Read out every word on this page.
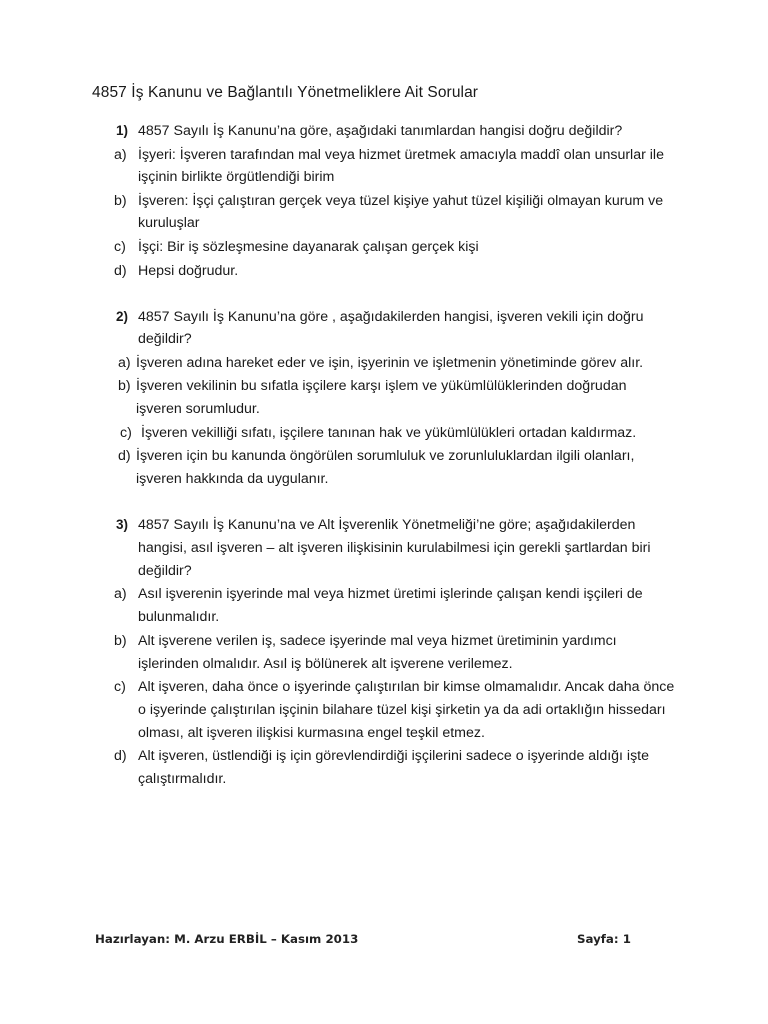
4857 İş Kanunu ve Bağlantılı Yönetmeliklere Ait Sorular
1) 4857 Sayılı İş Kanunu’na göre, aşağıdaki tanımlardan hangisi doğru değildir?
a) İşyeri: İşveren tarafından mal veya hizmet üretmek amacıyla maddî olan unsurlar ile
işçinin birlikte örgütlendiği birim
b) İşveren: İşçi çalıştıran gerçek veya tüzel kişiye yahut tüzel kişiliği olmayan kurum ve
kuruluşlar
c) İşçi: Bir iş sözleşmesine dayanarak çalışan gerçek kişi
d) Hepsi doğrudur.
2) 4857 Sayılı İş Kanunu’na göre , aşağıdakilerden hangisi, işveren vekili için doğru
değildir?
a) İşveren adına hareket eder ve işin, işyerinin ve işletmenin yönetiminde görev alır.
b) İşveren vekilinin bu sıfatla işçilere karşı işlem ve yükümlülüklerinden doğrudan
işveren sorumludur.
c) İşveren vekilliği sıfatı, işçilere tanınan hak ve yükümlülükleri ortadan kaldırmaz.
d) İşveren için bu kanunda öngörülen sorumluluk ve zorunluluklardan ilgili olanları,
işveren hakkında da uygulanır.
3) 4857 Sayılı İş Kanunu’na ve Alt İşverenlik Yönetmeliği’ne göre; aşağıdakilerden
hangisi, asıl işveren – alt işveren ilişkisinin kurulabilmesi için gerekli şartlardan biri
değildir?
a) Asıl işverenin işyerinde mal veya hizmet üretimi işlerinde çalışan kendi işçileri de
bulunmalıdır.
b) Alt işverene verilen iş, sadece işyerinde mal veya hizmet üretiminin yardımcı
işlerinden olmalıdır. Asıl iş bölünerek alt işverene verilemez.
c) Alt işveren, daha önce o işyerinde çalıştırılan bir kimse olmamalıdır. Ancak daha önce
o işyerinde çalıştırılan işçinin bilahare tüzel kişi şirketin ya da adi ortaklığın hissedarı
olması, alt işveren ilişkisi kurmasına engel teşkil etmez.
d) Alt işveren, üstlendiği iş için görevlendirdiği işçilerini sadece o işyerinde aldığı işte
çalıştırmalıdır.
Hazırlayan: M. Arzu ERBİL – Kasım 2013	Sayfa: 1
